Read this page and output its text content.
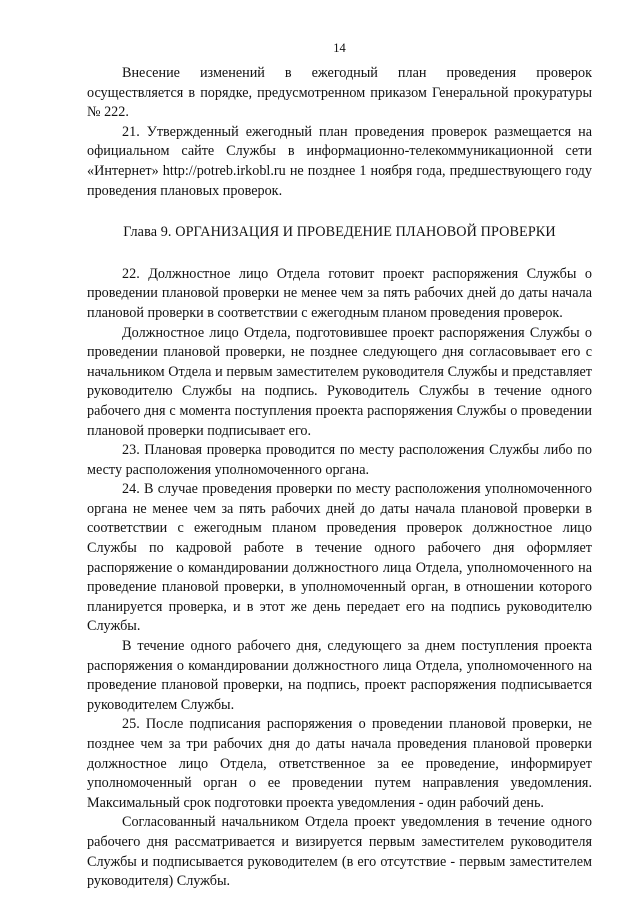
14

Внесение изменений в ежегодный план проведения проверок осуществляется в порядке, предусмотренном приказом Генеральной прокуратуры № 222.

21. Утвержденный ежегодный план проведения проверок размещается на официальном сайте Службы в информационно-телекоммуникационной сети «Интернет» http://potreb.irkobl.ru не позднее 1 ноября года, предшествующего году проведения плановых проверок.

Глава 9. ОРГАНИЗАЦИЯ И ПРОВЕДЕНИЕ ПЛАНОВОЙ ПРОВЕРКИ

22. Должностное лицо Отдела готовит проект распоряжения Службы о проведении плановой проверки не менее чем за пять рабочих дней до даты начала плановой проверки в соответствии с ежегодным планом проведения проверок.

Должностное лицо Отдела, подготовившее проект распоряжения Службы о проведении плановой проверки, не позднее следующего дня согласовывает его с начальником Отдела и первым заместителем руководителя Службы и представляет руководителю Службы на подпись. Руководитель Службы в течение одного рабочего дня с момента поступления проекта распоряжения Службы о проведении плановой проверки подписывает его.

23. Плановая проверка проводится по месту расположения Службы либо по месту расположения уполномоченного органа.

24. В случае проведения проверки по месту расположения уполномоченного органа не менее чем за пять рабочих дней до даты начала плановой проверки в соответствии с ежегодным планом проведения проверок должностное лицо Службы по кадровой работе в течение одного рабочего дня оформляет распоряжение о командировании должностного лица Отдела, уполномоченного на проведение плановой проверки, в уполномоченный орган, в отношении которого планируется проверка, и в этот же день передает его на подпись руководителю Службы.

В течение одного рабочего дня, следующего за днем поступления проекта распоряжения о командировании должностного лица Отдела, уполномоченного на проведение плановой проверки, на подпись, проект распоряжения подписывается руководителем Службы.

25. После подписания распоряжения о проведении плановой проверки, не позднее чем за три рабочих дня до даты начала проведения плановой проверки должностное лицо Отдела, ответственное за ее проведение, информирует уполномоченный орган о ее проведении путем направления уведомления. Максимальный срок подготовки проекта уведомления - один рабочий день.

Согласованный начальником Отдела проект уведомления в течение одного рабочего дня рассматривается и визируется первым заместителем руководителя Службы и подписывается руководителем (в его отсутствие - первым заместителем руководителя) Службы.
